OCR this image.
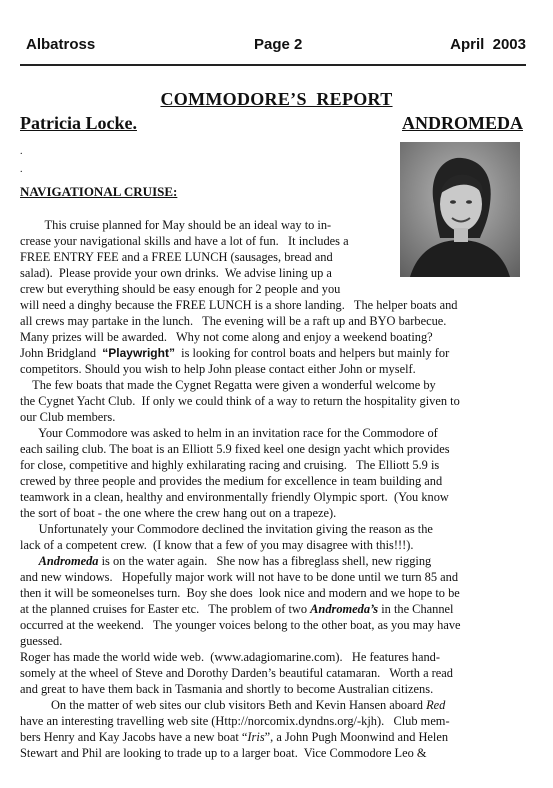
Albatross	Page 2	April  2003
COMMODORE’S  REPORT
Patricia Locke.	ANDROMEDA
.
.
NAVIGATIONAL CRUISE:
This cruise planned for May should be an ideal way to in-
crease your navigational skills and have a lot of fun.   It includes a
FREE ENTRY FEE and a FREE LUNCH (sausages, bread and
salad).  Please provide your own drinks.  We advise lining up a
crew but everything should be easy enough for 2 people and you
will need a dinghy because the FREE LUNCH is a shore landing.   The helper boats and
all crews may partake in the lunch.   The evening will be a raft up and BYO barbecue.
Many prizes will be awarded.   Why not come along and enjoy a weekend boating?
John Bridgland  “Playwright”  is looking for control boats and helpers but mainly for
competitors. Should you wish to help John please contact either John or myself.
The few boats that made the Cygnet Regatta were given a wonderful welcome by
the Cygnet Yacht Club.  If only we could think of a way to return the hospitality given to
our Club members.
Your Commodore was asked to helm in an invitation race for the Commodore of
each sailing club. The boat is an Elliott 5.9 fixed keel one design yacht which provides
for close, competitive and highly exhilarating racing and cruising.   The Elliott 5.9 is
crewed by three people and provides the medium for excellence in team building and
teamwork in a clean, healthy and environmentally friendly Olympic sport.  (You know
the sort of boat - the one where the crew hang out on a trapeze).
Unfortunately your Commodore declined the invitation giving the reason as the
lack of a competent crew.  (I know that a few of you may disagree with this!!!).
Andromeda is on the water again.   She now has a fibreglass shell, new rigging
and new windows.   Hopefully major work will not have to be done until we turn 85 and
then it will be someonelses turn.  Boy she does  look nice and modern and we hope to be
at the planned cruises for Easter etc.   The problem of two Andromeda’s in the Channel
occurred at the weekend.   The younger voices belong to the other boat, as you may have
guessed.
Roger has made the world wide web.  (www.adagiomarine.com).   He features hand-
somely at the wheel of Steve and Dorothy Darden’s beautiful catamaran.   Worth a read
and great to have them back in Tasmania and shortly to become Australian citizens.
On the matter of web sites our club visitors Beth and Kevin Hansen aboard Red
have an interesting travelling web site (Http://norcomix.dyndns.org/-kjh).   Club mem-
bers Henry and Kay Jacobs have a new boat “Iris”, a John Pugh Moonwind and Helen
Stewart and Phil are looking to trade up to a larger boat.  Vice Commodore Leo &
